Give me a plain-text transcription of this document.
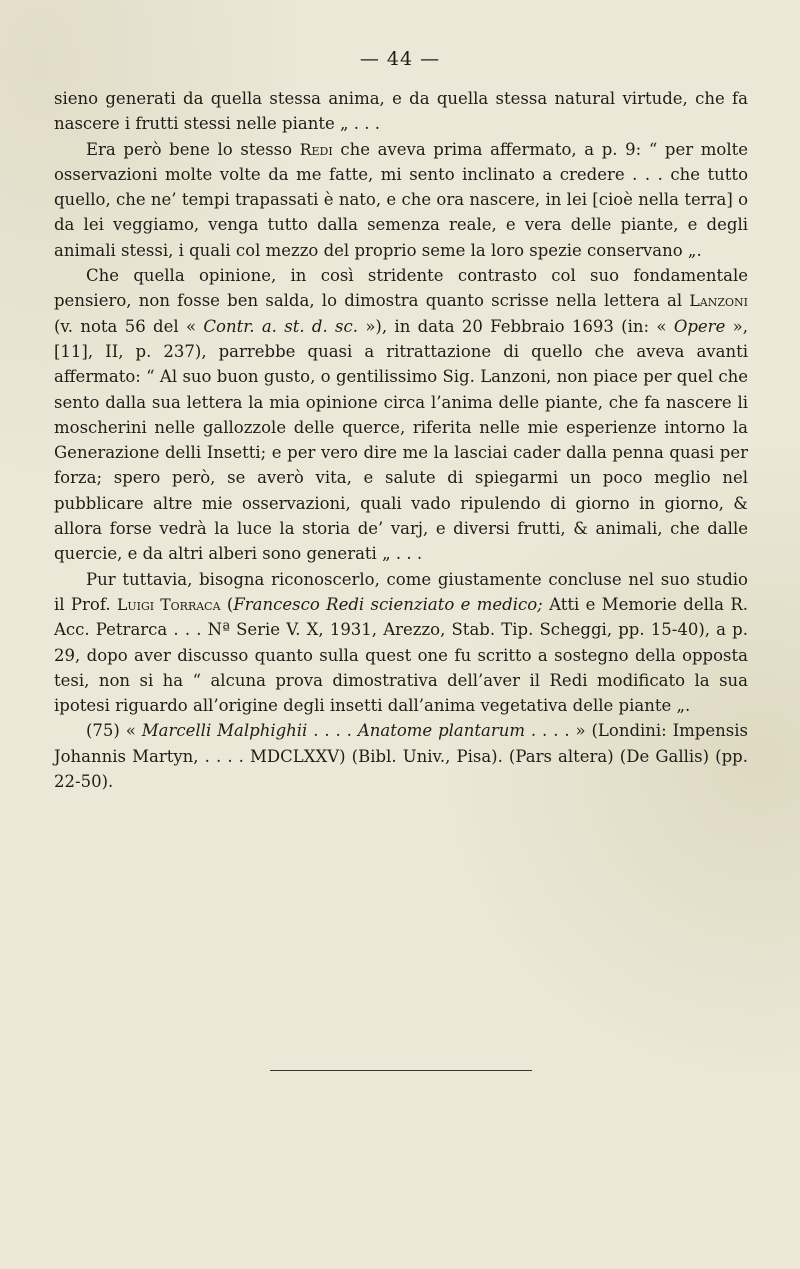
— 44 —

sieno generati da quella stessa anima, e da quella stessa natural virtude, che fa nascere i frutti stessi nelle piante „ . . .

Era però bene lo stesso Redi che aveva prima affermato, a p. 9: “ per molte osservazioni molte volte da me fatte, mi sento inclinato a credere . . . che tutto quello, che ne’ tempi trapassati è nato, e che ora nascere, in lei [cioè nella terra] o da lei veggiamo, venga tutto dalla semenza reale, e vera delle piante, e degli animali stessi, i quali col mezzo del proprio seme la loro spezie conservano „.

Che quella opinione, in così stridente contrasto col suo fondamentale pensiero, non fosse ben salda, lo dimostra quanto scrisse nella lettera al Lanzoni (v. nota 56 del « Contr. a. st. d. sc. »), in data 20 Febbraio 1693 (in: « Opere », [11], II, p. 237), parrebbe quasi a ritrattazione di quello che aveva avanti affermato: “ Al suo buon gusto, o gentilissimo Sig. Lanzoni, non piace per quel che sento dalla sua lettera la mia opinione circa l’anima delle piante, che fa nascere li moscherini nelle gallozzole delle querce, riferita nelle mie esperienze intorno la Generazione delli Insetti; e per vero dire me la lasciai cader dalla penna quasi per forza; spero però, se averò vita, e salute di spiegarmi un poco meglio nel pubblicare altre mie osservazioni, quali vado ripulendo di giorno in giorno, & allora forse vedrà la luce la storia de’ varj, e diversi frutti, & animali, che dalle quercie, e da altri alberi sono generati „ . . .

Pur tuttavia, bisogna riconoscerlo, come giustamente concluse nel suo studio il Prof. Luigi Torraca (Francesco Redi scienziato e medico; Atti e Memorie della R. Acc. Petrarca . . . Nª Serie V. X, 1931, Arezzo, Stab. Tip. Scheggi, pp. 15-40), a p. 29, dopo aver discusso quanto sulla quest one fu scritto a sostegno della opposta tesi, non si ha “ alcuna prova dimostrativa dell’aver il Redi modificato la sua ipotesi riguardo all’origine degli insetti dall’anima vegetativa delle piante „.

(75) « Marcelli Malphighii . . . . Anatome plantarum . . . . » (Londini: Impensis Johannis Martyn, . . . . MDCLXXV) (Bibl. Univ., Pisa). (Pars altera) (De Gallis) (pp. 22-50).
